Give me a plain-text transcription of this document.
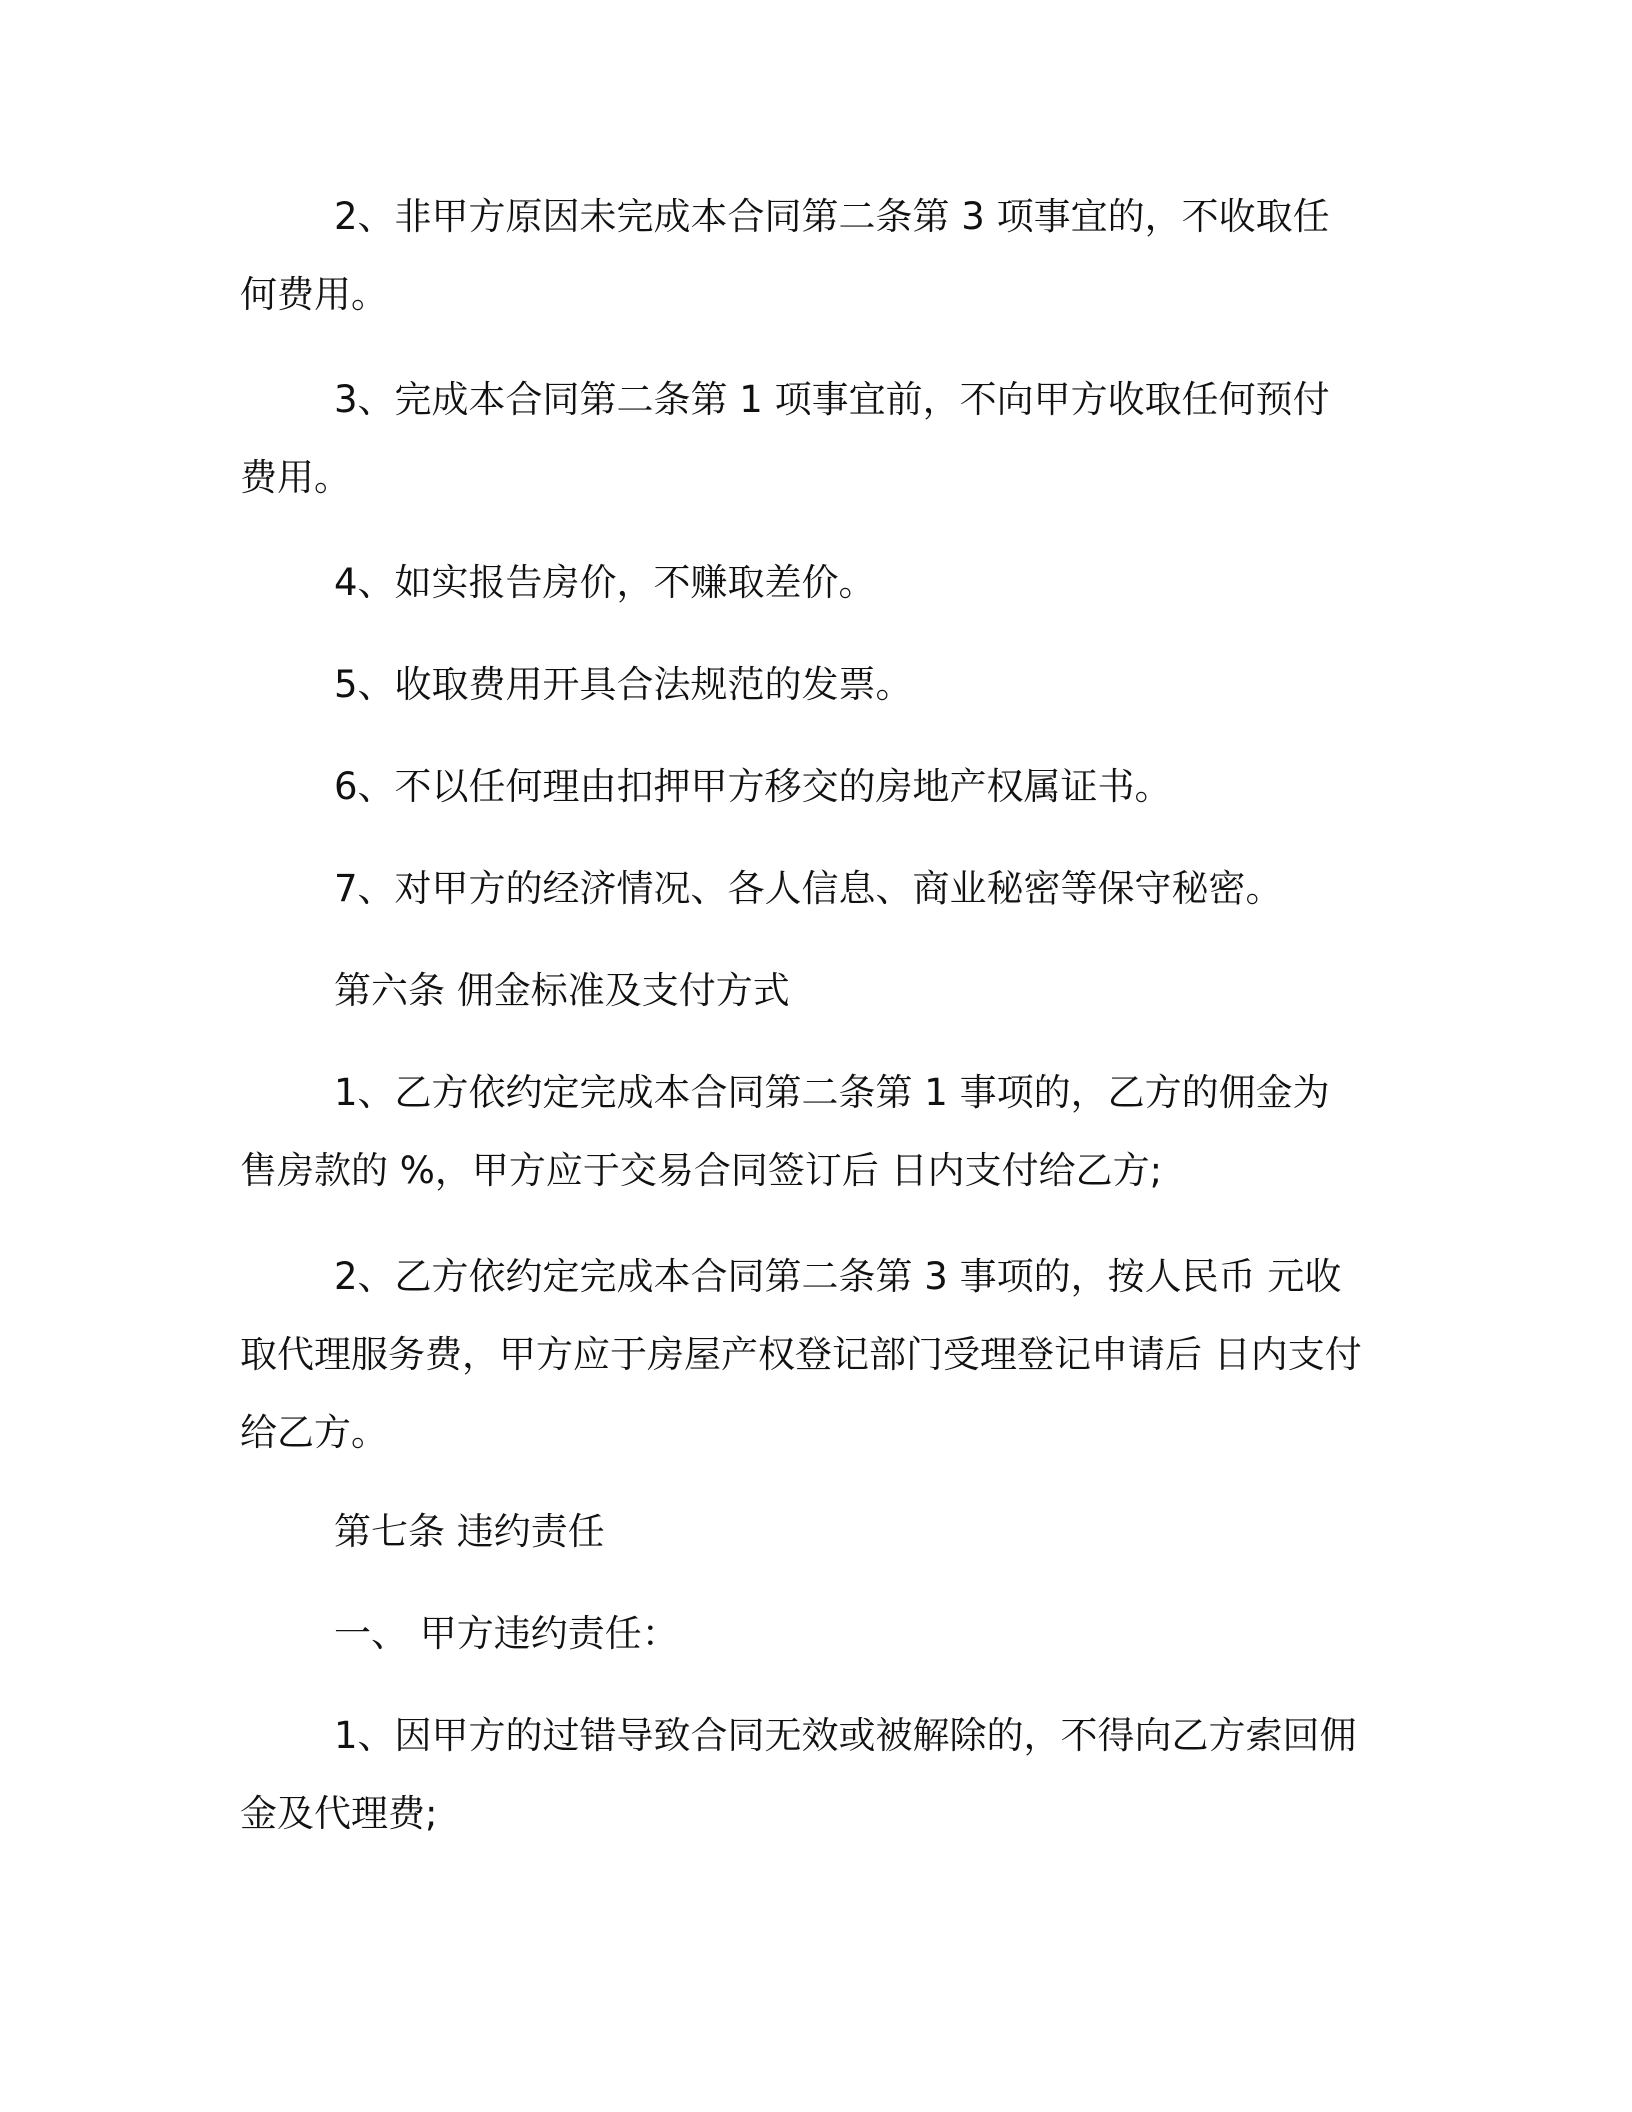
2、非甲方原因未完成本合同第二条第 3 项事宜的，不收取任何费用。

3、完成本合同第二条第 1 项事宜前，不向甲方收取任何预付费用。

4、如实报告房价，不赚取差价。

5、收取费用开具合法规范的发票。

6、不以任何理由扣押甲方移交的房地产权属证书。

7、对甲方的经济情况、各人信息、商业秘密等保守秘密。

第六条 佣金标准及支付方式

1、乙方依约定完成本合同第二条第 1 事项的，乙方的佣金为售房款的 %，甲方应于交易合同签订后 日内支付给乙方;

2、乙方依约定完成本合同第二条第 3 事项的，按人民币 元收取代理服务费，甲方应于房屋产权登记部门受理登记申请后 日内支付给乙方。

第七条 违约责任

一、 甲方违约责任：

1、因甲方的过错导致合同无效或被解除的，不得向乙方索回佣金及代理费;
